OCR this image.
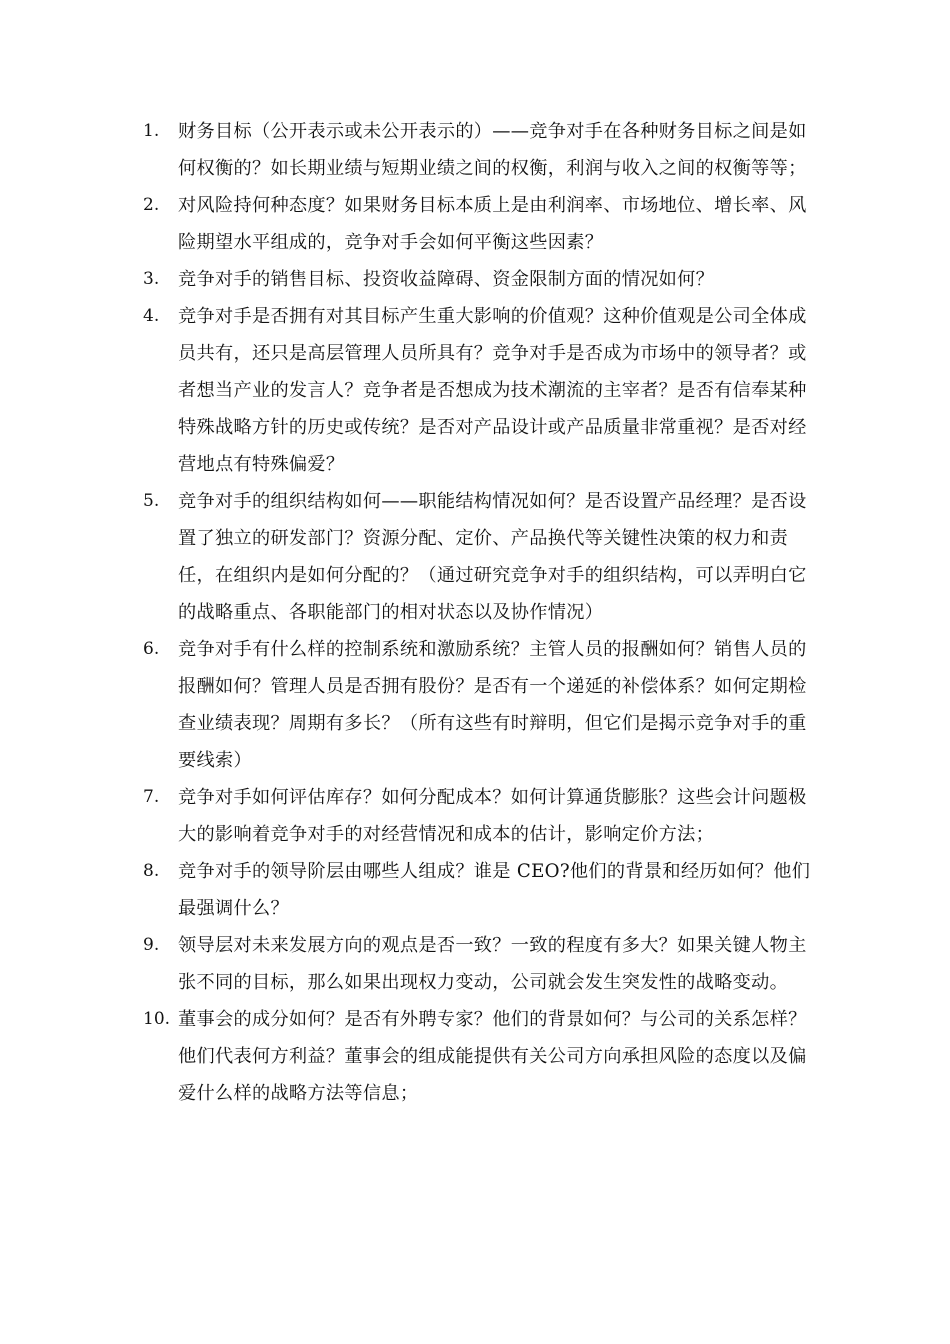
1. 财务目标（公开表示或未公开表示的）——竞争对手在各种财务目标之间是如何权衡的？如长期业绩与短期业绩之间的权衡，利润与收入之间的权衡等等；
2. 对风险持何种态度？如果财务目标本质上是由利润率、市场地位、增长率、风险期望水平组成的，竞争对手会如何平衡这些因素？
3. 竞争对手的销售目标、投资收益障碍、资金限制方面的情况如何？
4. 竞争对手是否拥有对其目标产生重大影响的价值观？这种价值观是公司全体成员共有，还只是高层管理人员所具有？竞争对手是否成为市场中的领导者？或者想当产业的发言人？竞争者是否想成为技术潮流的主宰者？是否有信奉某种特殊战略方针的历史或传统？是否对产品设计或产品质量非常重视？是否对经营地点有特殊偏爱？
5. 竞争对手的组织结构如何——职能结构情况如何？是否设置产品经理？是否设置了独立的研发部门？资源分配、定价、产品换代等关键性决策的权力和责任，在组织内是如何分配的？（通过研究竞争对手的组织结构，可以弄明白它的战略重点、各职能部门的相对状态以及协作情况）
6. 竞争对手有什么样的控制系统和激励系统？主管人员的报酬如何？销售人员的报酬如何？管理人员是否拥有股份？是否有一个递延的补偿体系？如何定期检查业绩表现？周期有多长？（所有这些有时辩明，但它们是揭示竞争对手的重要线索）
7. 竞争对手如何评估库存？如何分配成本？如何计算通货膨胀？这些会计问题极大的影响着竞争对手的对经营情况和成本的估计，影响定价方法；
8. 竞争对手的领导阶层由哪些人组成？谁是 CEO?他们的背景和经历如何？他们最强调什么？
9. 领导层对未来发展方向的观点是否一致？一致的程度有多大？如果关键人物主张不同的目标，那么如果出现权力变动，公司就会发生突发性的战略变动。
10. 董事会的成分如何？是否有外聘专家？他们的背景如何？与公司的关系怎样？他们代表何方利益？董事会的组成能提供有关公司方向承担风险的态度以及偏爱什么样的战略方法等信息；
